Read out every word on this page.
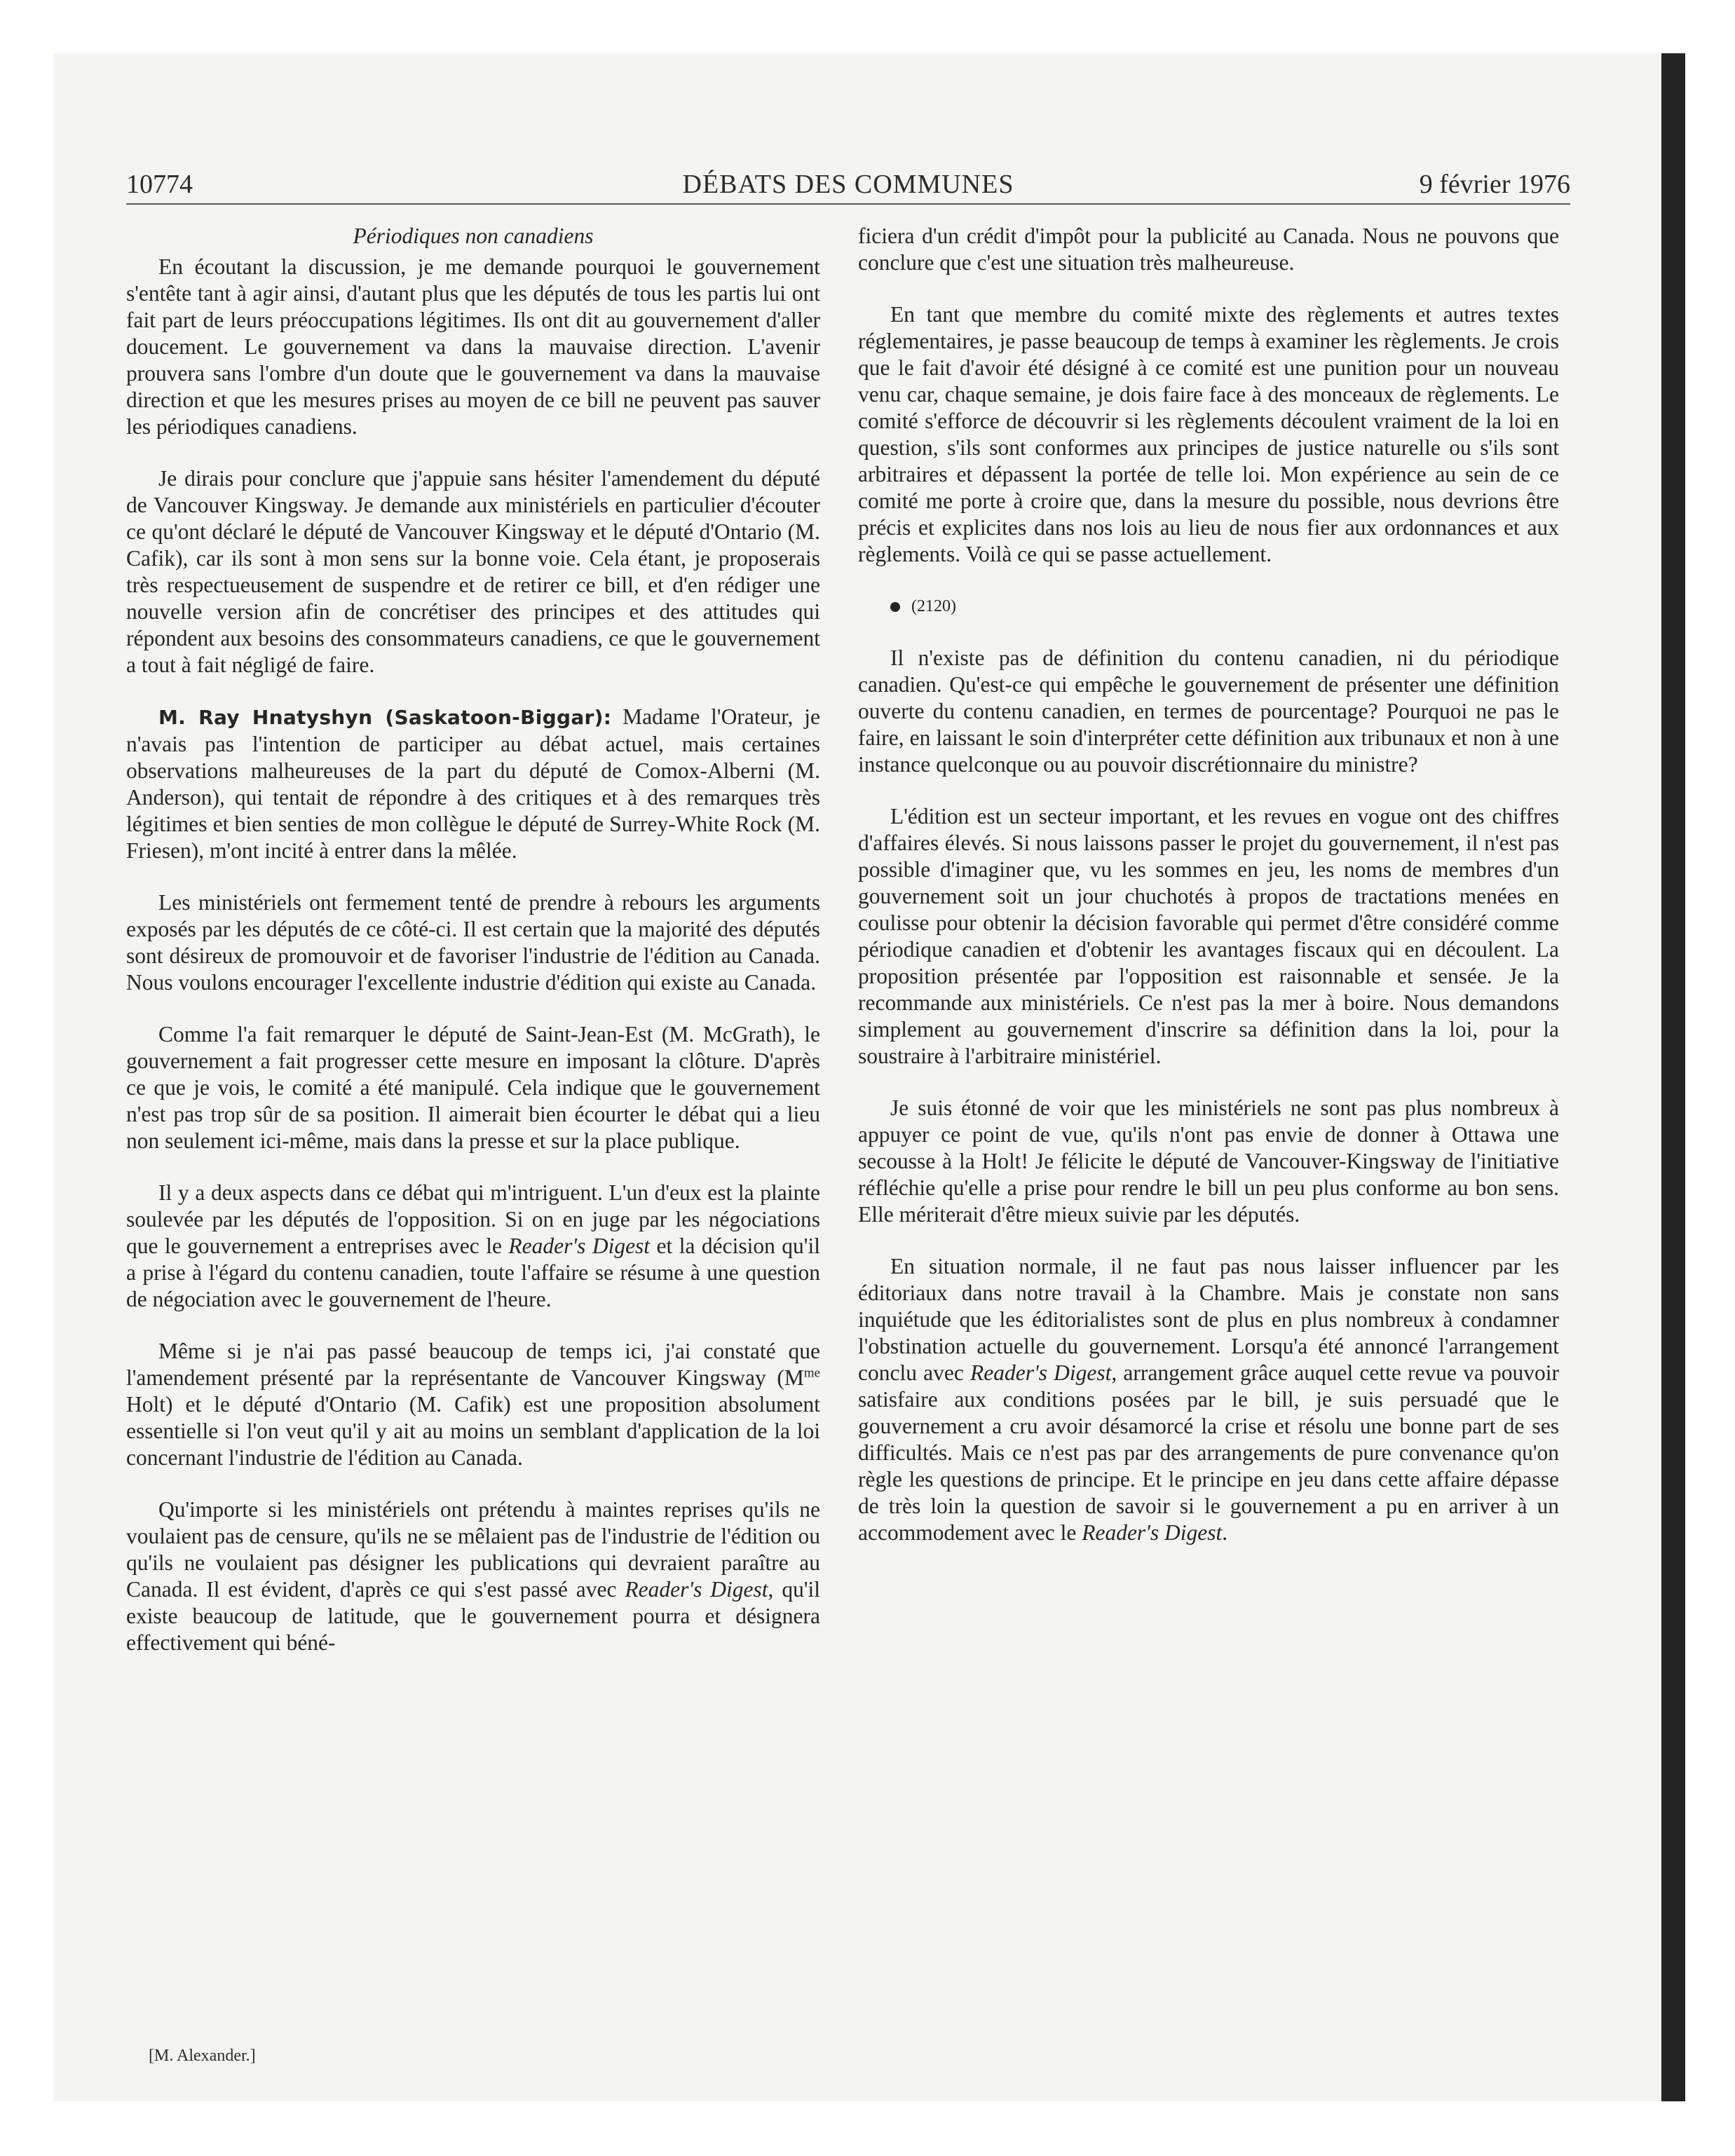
10774	DÉBATS DES COMMUNES	9 février 1976
Périodiques non canadiens

En écoutant la discussion, je me demande pourquoi le gouvernement s'entête tant à agir ainsi, d'autant plus que les députés de tous les partis lui ont fait part de leurs préoccupations légitimes. Ils ont dit au gouvernement d'aller doucement. Le gouvernement va dans la mauvaise direction. L'avenir prouvera sans l'ombre d'un doute que le gouvernement va dans la mauvaise direction et que les mesures prises au moyen de ce bill ne peuvent pas sauver les périodiques canadiens.

Je dirais pour conclure que j'appuie sans hésiter l'amendement du député de Vancouver Kingsway. Je demande aux ministériels en particulier d'écouter ce qu'ont déclaré le député de Vancouver Kingsway et le député d'Ontario (M. Cafik), car ils sont à mon sens sur la bonne voie. Cela étant, je proposerais très respectueusement de suspendre et de retirer ce bill, et d'en rédiger une nouvelle version afin de concrétiser des principes et des attitudes qui répondent aux besoins des consommateurs canadiens, ce que le gouvernement a tout à fait négligé de faire.

M. Ray Hnatyshyn (Saskatoon-Biggar): Madame l'Orateur, je n'avais pas l'intention de participer au débat actuel, mais certaines observations malheureuses de la part du député de Comox-Alberni (M. Anderson), qui tentait de répondre à des critiques et à des remarques très légitimes et bien senties de mon collègue le député de Surrey-White Rock (M. Friesen), m'ont incité à entrer dans la mêlée.

Les ministériels ont fermement tenté de prendre à rebours les arguments exposés par les députés de ce côté-ci. Il est certain que la majorité des députés sont désireux de promouvoir et de favoriser l'industrie de l'édition au Canada. Nous voulons encourager l'excellente industrie d'édition qui existe au Canada.

Comme l'a fait remarquer le député de Saint-Jean-Est (M. McGrath), le gouvernement a fait progresser cette mesure en imposant la clôture. D'après ce que je vois, le comité a été manipulé. Cela indique que le gouvernement n'est pas trop sûr de sa position. Il aimerait bien écourter le débat qui a lieu non seulement ici-même, mais dans la presse et sur la place publique.

Il y a deux aspects dans ce débat qui m'intriguent. L'un d'eux est la plainte soulevée par les députés de l'opposition. Si on en juge par les négociations que le gouvernement a entreprises avec le Reader's Digest et la décision qu'il a prise à l'égard du contenu canadien, toute l'affaire se résume à une question de négociation avec le gouvernement de l'heure.

Même si je n'ai pas passé beaucoup de temps ici, j'ai constaté que l'amendement présenté par la représentante de Vancouver Kingsway ($M^{me}$ Holt) et le député d'Ontario (M. Cafik) est une proposition absolument essentielle si l'on veut qu'il y ait au moins un semblant d'application de la loi concernant l'industrie de l'édition au Canada.

Qu'importe si les ministériels ont prétendu à maintes reprises qu'ils ne voulaient pas de censure, qu'ils ne se mêlaient pas de l'industrie de l'édition ou qu'ils ne voulaient pas désigner les publications qui devraient paraître au Canada. Il est évident, d'après ce qui s'est passé avec Reader's Digest, qu'il existe beaucoup de latitude, que le gouvernement pourra et désignera effectivement qui béné-

[ M. Alexander. ]

ficiera d'un crédit d'impôt pour la publicité au Canada. Nous ne pouvons que conclure que c'est une situation très malheureuse.

En tant que membre du comité mixte des règlements et autres textes réglementaires, je passe beaucoup de temps à examiner les règlements. Je crois que le fait d'avoir été désigné à ce comité est une punition pour un nouveau venu car, chaque semaine, je dois faire face à des monceaux de règlements. Le comité s'efforce de découvrir si les règlements découlent vraiment de la loi en question, s'ils sont conformes aux principes de justice naturelle ou s'ils sont arbitraires et dépassent la portée de telle loi. Mon expérience au sein de ce comité me porte à croire que, dans la mesure du possible, nous devrions être précis et explicites dans nos lois au lieu de nous fier aux ordonnances et aux règlements. Voilà ce qui se passe actuellement.

(2120)

Il n'existe pas de définition du contenu canadien, ni du périodique canadien. Qu'est-ce qui empêche le gouvernement de présenter une définition ouverte du contenu canadien, en termes de pourcentage? Pourquoi ne pas le faire, en laissant le soin d'interpréter cette définition aux tribunaux et non à une instance quelconque ou au pouvoir discrétionnaire du ministre?

L'édition est un secteur important, et les revues en vogue ont des chiffres d'affaires élevés. Si nous laissons passer le projet du gouvernement, il n'est pas possible d'imaginer que, vu les sommes en jeu, les noms de membres d'un gouvernement soit un jour chuchotés à propos de tractations menées en coulisse pour obtenir la décision favorable qui permet d'être considéré comme périodique canadien et d'obtenir les avantages fiscaux qui en découlent. La proposition présentée par l'opposition est raisonnable et sensée. Je la recommande aux ministériels. Ce n'est pas la mer à boire. Nous demandons simplement au gouvernement d'inscrire sa définition dans la loi, pour la soustraire à l'arbitraire ministériel.

Je suis étonné de voir que les ministériels ne sont pas plus nombreux à appuyer ce point de vue, qu'ils n'ont pas envie de donner à Ottawa une secousse à la Holt! Je félicite le député de Vancouver-Kingsway de l'initiative réfléchie qu'elle a prise pour rendre le bill un peu plus conforme au bon sens. Elle mériterait d'être mieux suivie par les députés.

En situation normale, il ne faut pas nous laisser influencer par les éditoriaux dans notre travail à la Chambre. Mais je constate non sans inquiétude que les éditorialistes sont de plus en plus nombreux à condamner l'obstination actuelle du gouvernement. Lorsqu'a été annoncé l'arrangement conclu avec Reader's Digest, arrangement grâce auquel cette revue va pouvoir satisfaire aux conditions posées par le bill, je suis persuadé que le gouvernement a cru avoir désamorcé la crise et résolu une bonne part de ses difficultés. Mais ce n'est pas par des arrangements de pure convenance qu'on règle les questions de principe. Et le principe en jeu dans cette affaire dépasse de très loin la question de savoir si le gouvernement a pu en arriver à un accommodement avec le Reader's Digest.
